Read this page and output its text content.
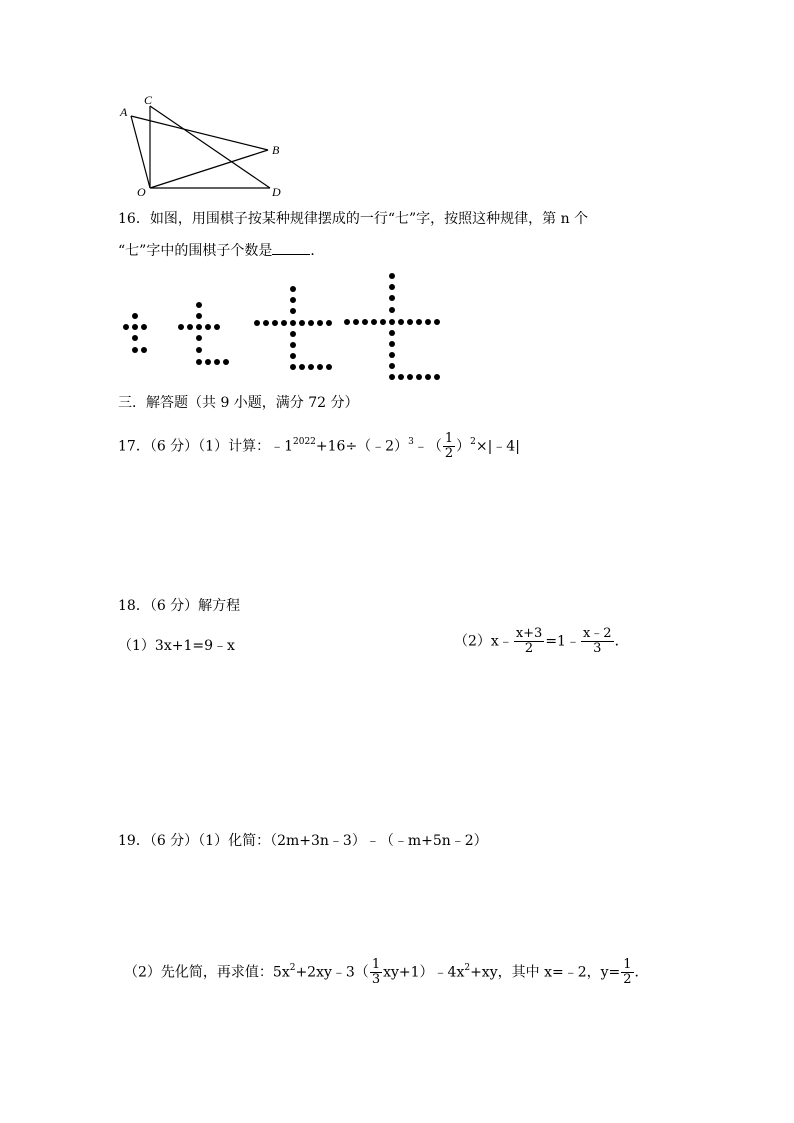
A
C
B
O	D
16．如图，用围棋子按某种规律摆成的一行“七”字，按照这种规律，第 n 个
“七”字中的围棋子个数是	．
三．解答题（共 9 小题，满分 72 分）
17．（6 分）（1）计算：$﹣1^{2022}+16\div(﹣2)^3﹣( \frac{1}{2}$ ）$^2$×|﹣4|
18．（6 分）解方程
（1）3x+1=9﹣x	（2）x﹣ $\frac{x+3}{2}$ =1﹣ $\frac{x﹣2}{3}$ ．
19．（6 分）（1）化简：（2m+3n﹣3）﹣（﹣m+5n﹣2）
（2）先化简，再求值：$5x^2+2xy﹣3( \frac{1}{3}$ $xy+1)﹣4x^2+xy$，其中 x=﹣2，$y= \frac{1}{2}$ ．
